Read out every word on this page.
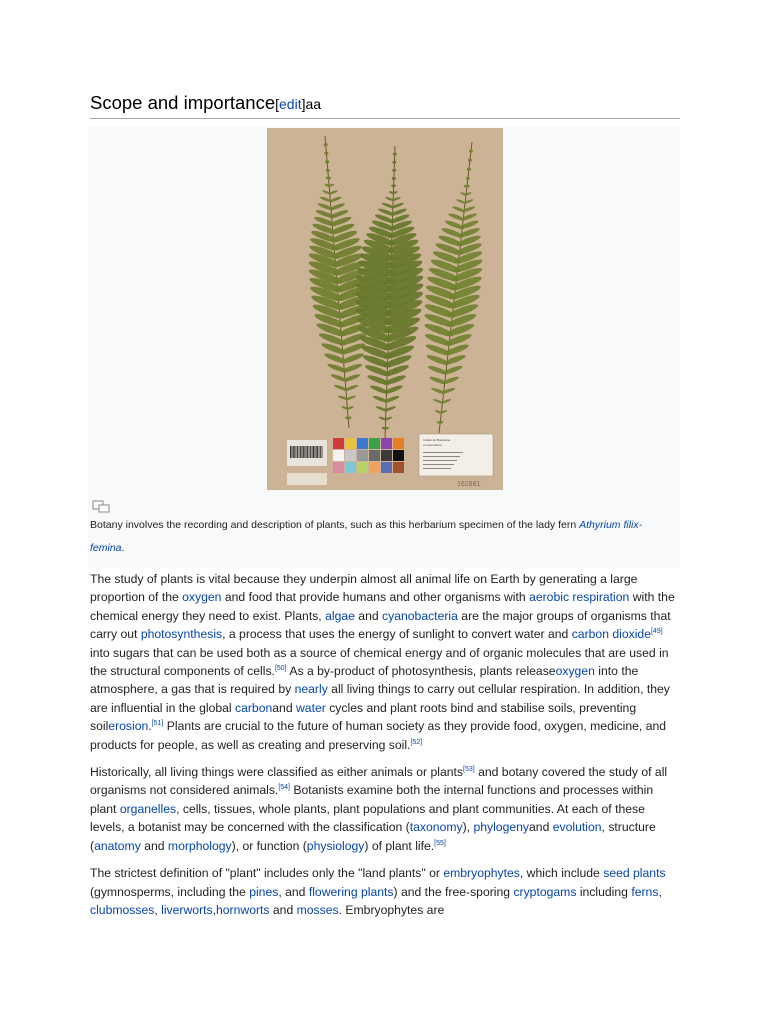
Scope and importance[edit]aa
Institut de Botanique
Conservatoire
162881
Botany involves the recording and description of plants, such as this herbarium specimen of the lady fern Athyrium filix-femina.

The study of plants is vital because they underpin almost all animal life on Earth by generating a large proportion of the oxygen and food that provide humans and other organisms with aerobic respiration with the chemical energy they need to exist. Plants, algae and cyanobacteria are the major groups of organisms that carry out photosynthesis, a process that uses the energy of sunlight to convert water and carbon dioxide[49] into sugars that can be used both as a source of chemical energy and of organic molecules that are used in the structural components of cells.[50] As a by-product of photosynthesis, plants releaseoxygen into the atmosphere, a gas that is required by nearly all living things to carry out cellular respiration. In addition, they are influential in the global carbonand water cycles and plant roots bind and stabilise soils, preventing soilerosion.[51] Plants are crucial to the future of human society as they provide food, oxygen, medicine, and products for people, as well as creating and preserving soil.[52]

Historically, all living things were classified as either animals or plants[53] and botany covered the study of all organisms not considered animals.[54] Botanists examine both the internal functions and processes within plant organelles, cells, tissues, whole plants, plant populations and plant communities. At each of these levels, a botanist may be concerned with the classification (taxonomy), phylogenyand evolution, structure (anatomy and morphology), or function (physiology) of plant life.[55]

The strictest definition of "plant" includes only the "land plants" or embryophytes, which include seed plants (gymnosperms, including the pines, and flowering plants) and the free-sporing cryptogams including ferns, clubmosses, liverworts,hornworts and mosses. Embryophytes are
